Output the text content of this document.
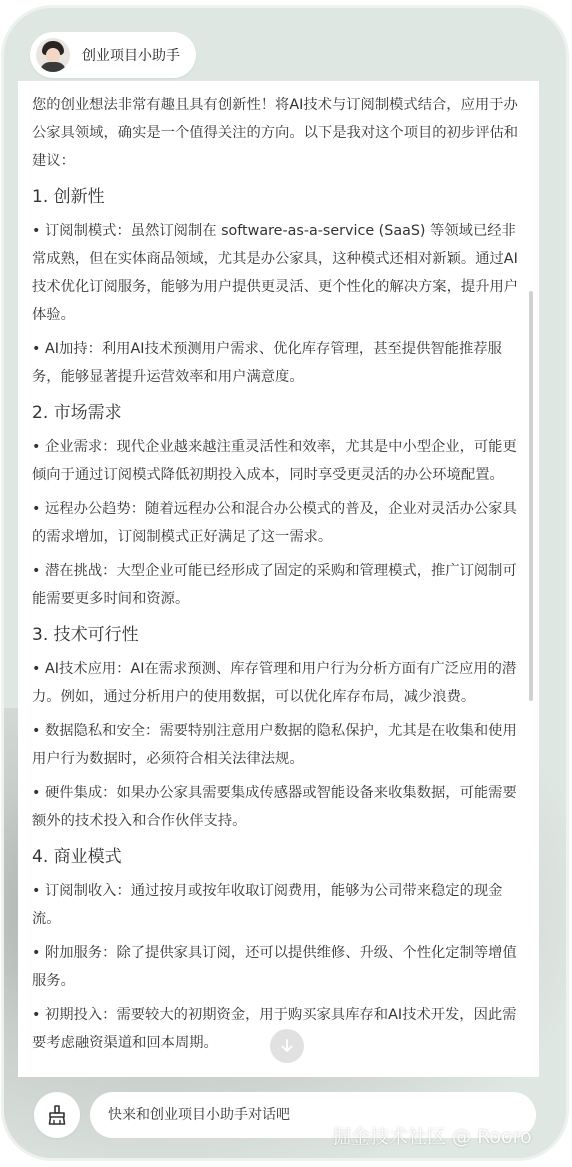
创业项目小助手

您的创业想法非常有趣且具有创新性！将AI技术与订阅制模式结合，应用于办公家具领域，确实是一个值得关注的方向。以下是我对这个项目的初步评估和建议：

1. 创新性

• 订阅制模式：虽然订阅制在 software-as-a-service (SaaS) 等领域已经非常成熟，但在实体商品领域，尤其是办公家具，这种模式还相对新颖。通过AI技术优化订阅服务，能够为用户提供更灵活、更个性化的解决方案，提升用户体验。

• AI加持：利用AI技术预测用户需求、优化库存管理，甚至提供智能推荐服务，能够显著提升运营效率和用户满意度。

2. 市场需求

• 企业需求：现代企业越来越注重灵活性和效率，尤其是中小型企业，可能更倾向于通过订阅模式降低初期投入成本，同时享受更灵活的办公环境配置。

• 远程办公趋势：随着远程办公和混合办公模式的普及，企业对灵活办公家具的需求增加，订阅制模式正好满足了这一需求。

• 潜在挑战：大型企业可能已经形成了固定的采购和管理模式，推广订阅制可能需要更多时间和资源。

3. 技术可行性

• AI技术应用：AI在需求预测、库存管理和用户行为分析方面有广泛应用的潜力。例如，通过分析用户的使用数据，可以优化库存布局，减少浪费。

• 数据隐私和安全：需要特别注意用户数据的隐私保护，尤其是在收集和使用用户行为数据时，必须符合相关法律法规。

• 硬件集成：如果办公家具需要集成传感器或智能设备来收集数据，可能需要额外的技术投入和合作伙伴支持。

4. 商业模式

• 订阅制收入：通过按月或按年收取订阅费用，能够为公司带来稳定的现金流。

• 附加服务：除了提供家具订阅，还可以提供维修、升级、个性化定制等增值服务。

• 初期投入：需要较大的初期资金，用于购买家具库存和AI技术开发，因此需要考虑融资渠道和回本周期。

快来和创业项目小助手对话吧
掘金技术社区 @ Rooro
